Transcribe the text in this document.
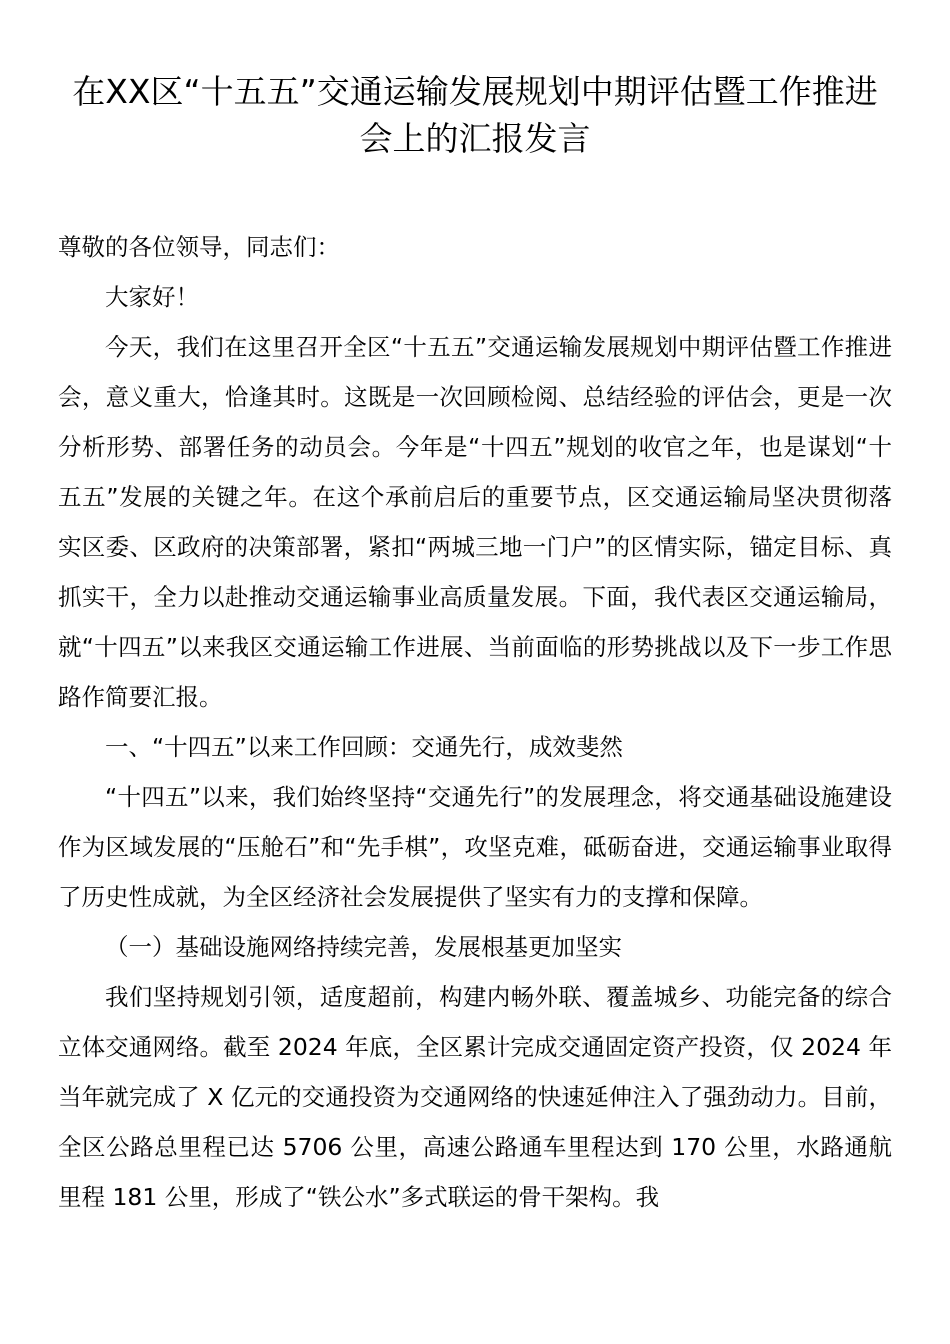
在XX区“十五五”交通运输发展规划中期评估暨工作推进会上的汇报发言

尊敬的各位领导，同志们：

大家好！

今天，我们在这里召开全区“十五五”交通运输发展规划中期评估暨工作推进会，意义重大，恰逢其时。这既是一次回顾检阅、总结经验的评估会，更是一次分析形势、部署任务的动员会。今年是“十四五”规划的收官之年，也是谋划“十五五”发展的关键之年。在这个承前启后的重要节点，区交通运输局坚决贯彻落实区委、区政府的决策部署，紧扣“两城三地一门户”的区情实际，锚定目标、真抓实干，全力以赴推动交通运输事业高质量发展。下面，我代表区交通运输局，就“十四五”以来我区交通运输工作进展、当前面临的形势挑战以及下一步工作思路作简要汇报。

一、“十四五”以来工作回顾：交通先行，成效斐然

“十四五”以来，我们始终坚持“交通先行”的发展理念，将交通基础设施建设作为区域发展的“压舱石”和“先手棋”，攻坚克难，砥砺奋进，交通运输事业取得了历史性成就，为全区经济社会发展提供了坚实有力的支撑和保障。

（一）基础设施网络持续完善，发展根基更加坚实

我们坚持规划引领，适度超前，构建内畅外联、覆盖城乡、功能完备的综合立体交通网络。截至 2024 年底，全区累计完成交通固定资产投资，仅 2024 年当年就完成了 X 亿元的交通投资为交通网络的快速延伸注入了强劲动力。目前，全区公路总里程已达 5706 公里，高速公路通车里程达到 170 公里，水路通航里程 181 公里，形成了“铁公水”多式联运的骨干架构。我
